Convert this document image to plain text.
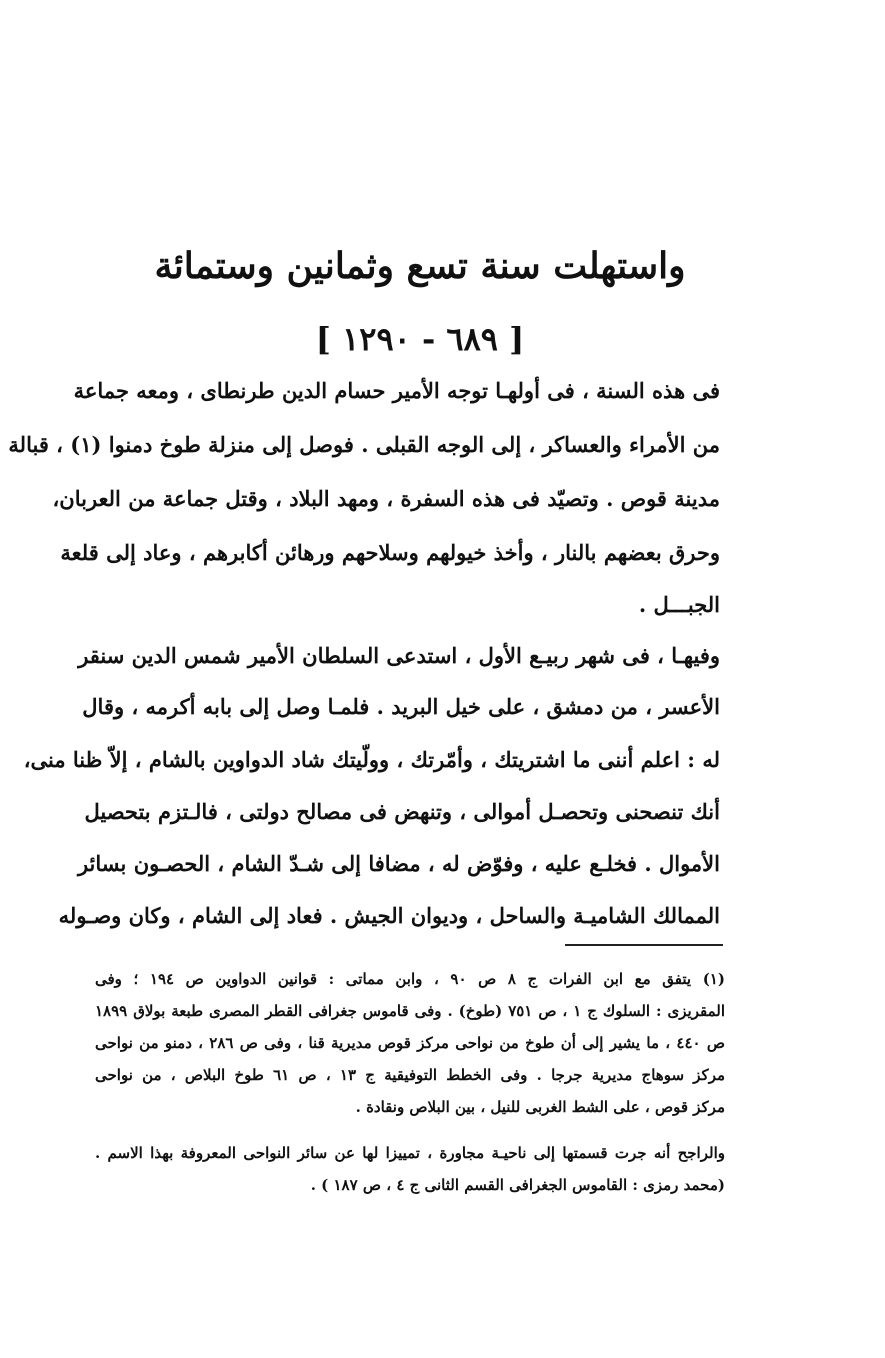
واستهلت سنة تسع وثمانين وستمائة
[ ٦٨٩ - ١٢٩٠ ]
فى هذه السنة ، فى أولهـا توجه الأمير حسام الدين طرنطاى ، ومعه جماعة
من الأمراء والعساكر ، إلى الوجه القبلى . فوصل إلى منزلة طوخ دمنوا (١) ، قبالة
مدينة قوص . وتصيّد فى هذه السفرة ، ومهد البلاد ، وقتل جماعة من العربان،
وحرق بعضهم بالنار ، وأخذ خيولهم وسلاحهم ورهائن أكابرهم ، وعاد إلى قلعة
الجبـــل .
وفيهـا ، فى شهر ربيـع الأول ، استدعى السلطان الأمير شمس الدين سنقر
الأعسر ، من دمشق ، على خيل البريد . فلمـا وصل إلى بابه أكرمه ، وقال
له : اعلم أننى ما اشتريتك ، وأمّرتك ، وولّيتك شاد الدواوين بالشام ، إلاّ ظنا منى،
أنك تنصحنى وتحصـل أموالى ، وتنهض فى مصالح دولتى ، فالـتزم بتحصيل
الأموال . فخلـع عليه ، وفوّض له ، مضافا إلى شـدّ الشام ، الحصـون بسائر
الممالك الشاميـة والساحل ، وديوان الجيش . فعاد إلى الشام ، وكان وصـوله
(١) يتفق مع ابن الفرات ج ٨ ص ٩٠ ، وابن مماتى : قوانين الدواوين ص ١٩٤ ؛ وفى
المقريزى : السلوك ج ١ ، ص ٧٥١ (طوخ) . وفى قاموس جغرافى القطر المصرى طبعة بولاق ١٨٩٩
ص ٤٤٠ ، ما يشير إلى أن طوخ من نواحى مركز قوص مديرية قنا ، وفى ص ٢٨٦ ، دمنو من نواحى
مركز سوهاج مديرية جرجا . وفى الخطط التوفيقية ج ١٣ ، ص ٦١ طوخ البلاص ، من نواحى
مركز قوص ، على الشط الغربى للنيل ، بين البلاص ونقادة .
والراجح أنه جرت قسمتها إلى ناحيـة مجاورة ، تمييزا لها عن سائر النواحى المعروفة بهذا الاسم .
(محمد رمزى : القاموس الجغرافى القسم الثانى ج ٤ ، ص ١٨٧ ) .
